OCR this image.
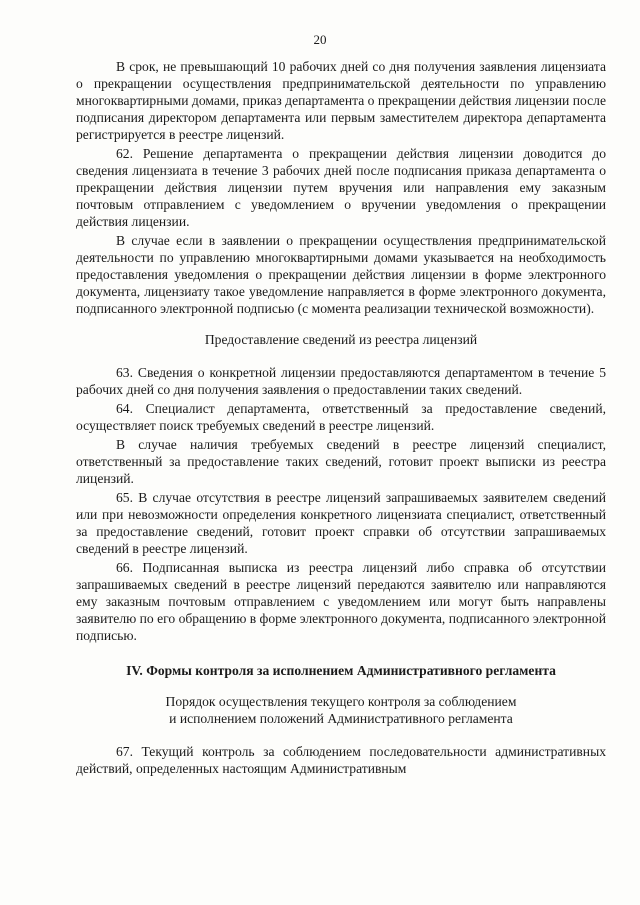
20

В срок, не превышающий 10 рабочих дней со дня получения заявления лицензиата о прекращении осуществления предпринимательской деятельности по управлению многоквартирными домами, приказ департамента о прекращении действия лицензии после подписания директором департамента или первым заместителем директора департамента регистрируется в реестре лицензий.

62. Решение департамента о прекращении действия лицензии доводится до сведения лицензиата в течение 3 рабочих дней после подписания приказа департамента о прекращении действия лицензии путем вручения или направления ему заказным почтовым отправлением с уведомлением о вручении уведомления о прекращении действия лицензии.

В случае если в заявлении о прекращении осуществления предпринимательской деятельности по управлению многоквартирными домами указывается на необходимость предоставления уведомления о прекращении действия лицензии в форме электронного документа, лицензиату такое уведомление направляется в форме электронного документа, подписанного электронной подписью (с момента реализации технической возможности).

Предоставление сведений из реестра лицензий

63. Сведения о конкретной лицензии предоставляются департаментом в течение 5 рабочих дней со дня получения заявления о предоставлении таких сведений.

64. Специалист департамента, ответственный за предоставление сведений, осуществляет поиск требуемых сведений в реестре лицензий.

В случае наличия требуемых сведений в реестре лицензий специалист, ответственный за предоставление таких сведений, готовит проект выписки из реестра лицензий.

65. В случае отсутствия в реестре лицензий запрашиваемых заявителем сведений или при невозможности определения конкретного лицензиата специалист, ответственный за предоставление сведений, готовит проект справки об отсутствии запрашиваемых сведений в реестре лицензий.

66. Подписанная выписка из реестра лицензий либо справка об отсутствии запрашиваемых сведений в реестре лицензий передаются заявителю или направляются ему заказным почтовым отправлением с уведомлением или могут быть направлены заявителю по его обращению в форме электронного документа, подписанного электронной подписью.

IV. Формы контроля за исполнением Административного регламента
Порядок осуществления текущего контроля за соблюдением
и исполнением положений Административного регламента

67. Текущий контроль за соблюдением последовательности административных действий, определенных настоящим Административным
